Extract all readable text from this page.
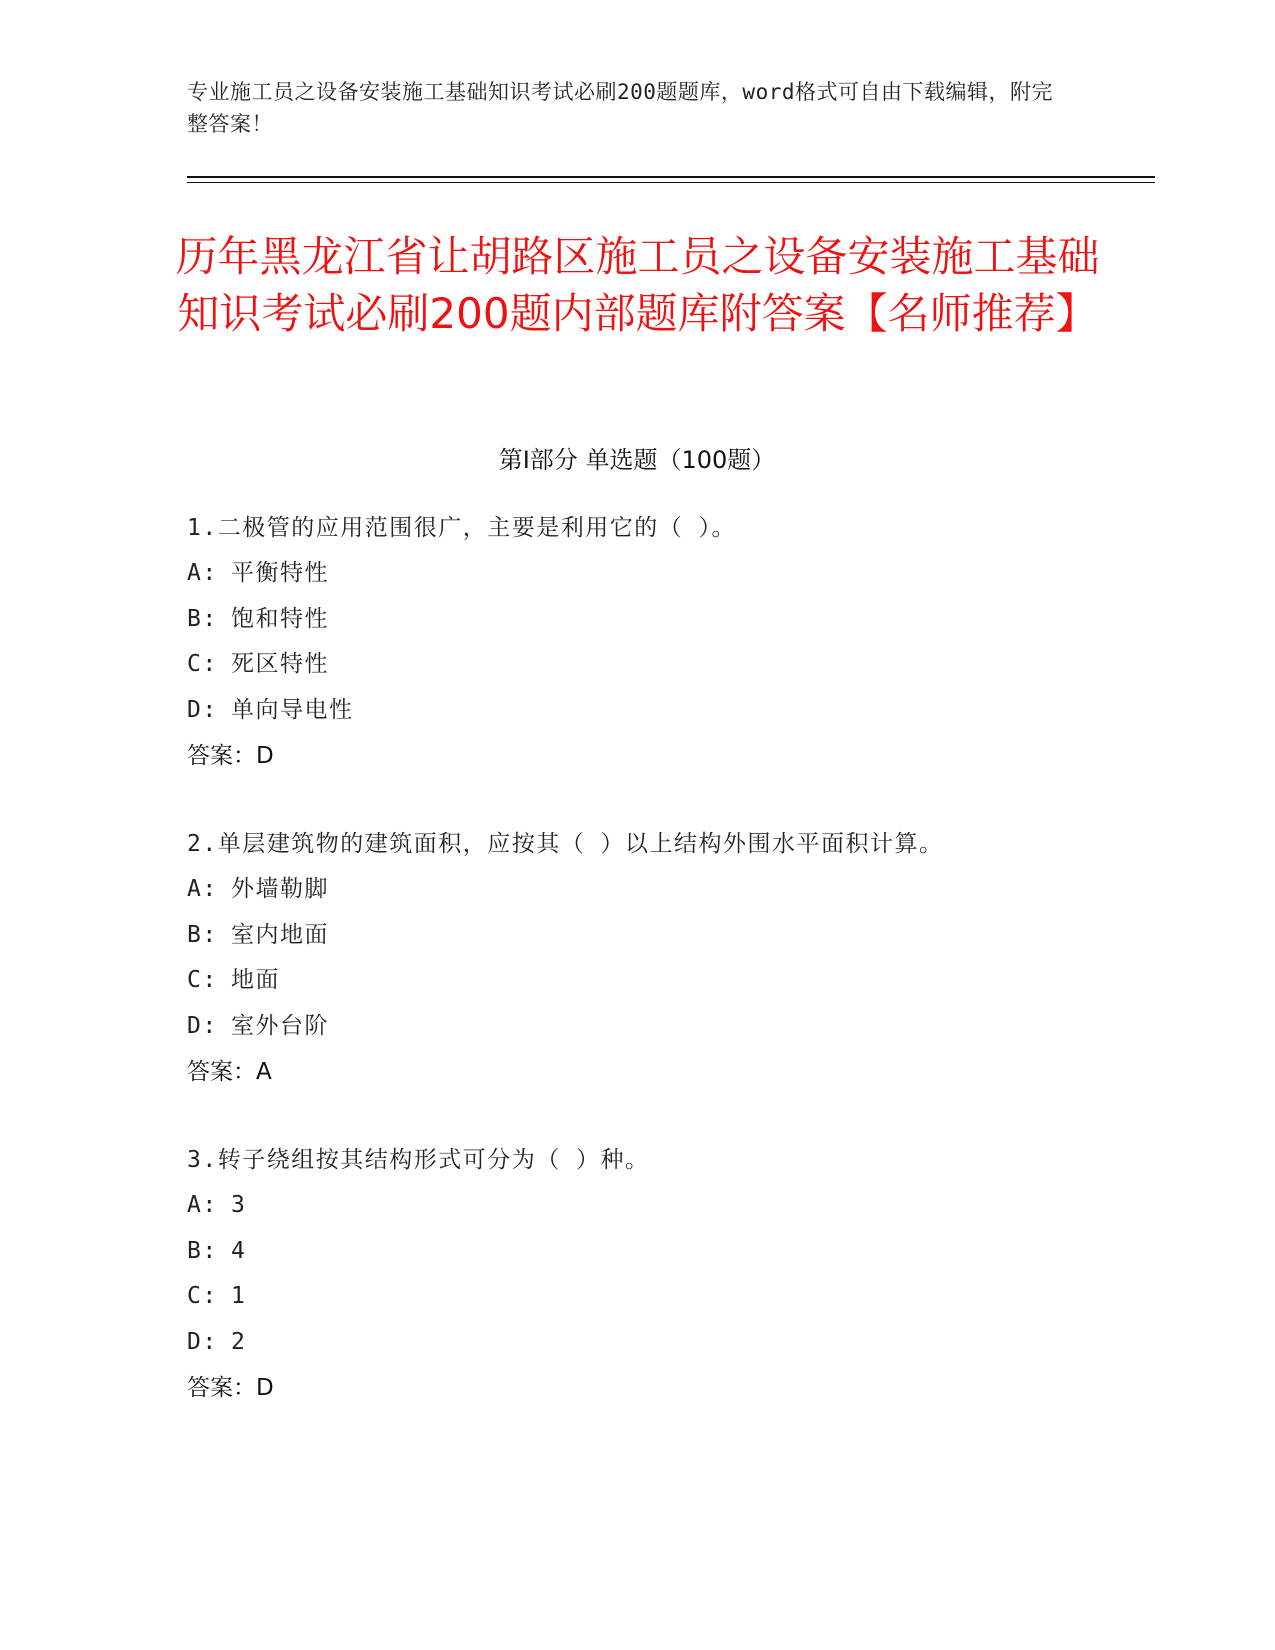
专业施工员之设备安装施工基础知识考试必刷200题题库，word格式可自由下载编辑，附完整答案！
历年黑龙江省让胡路区施工员之设备安装施工基础知识考试必刷200题内部题库附答案【名师推荐】
第I部分 单选题（100题）
1.二极管的应用范围很广，主要是利用它的（ ）。
A: 平衡特性
B: 饱和特性
C: 死区特性
D: 单向导电性
答案：D
2.单层建筑物的建筑面积，应按其（ ）以上结构外围水平面积计算。
A: 外墙勒脚
B: 室内地面
C: 地面
D: 室外台阶
答案：A
3.转子绕组按其结构形式可分为（ ）种。
A: 3
B: 4
C: 1
D: 2
答案：D
